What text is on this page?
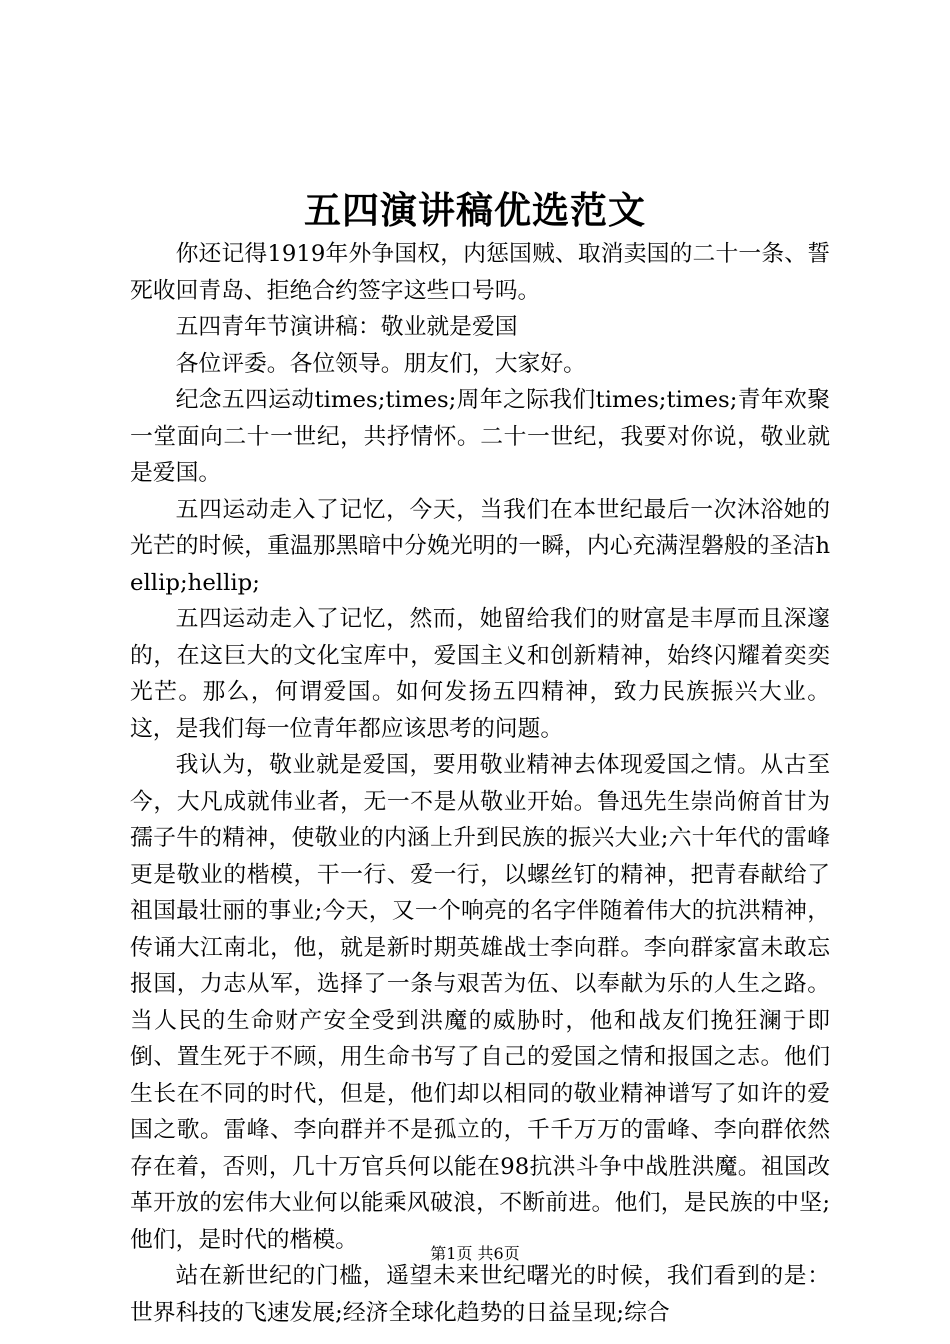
五四演讲稿优选范文

你还记得1919年外争国权，内惩国贼、取消卖国的二十一条、誓死收回青岛、拒绝合约签字这些口号吗。

五四青年节演讲稿：敬业就是爱国

各位评委。各位领导。朋友们，大家好。

纪念五四运动times;times;周年之际我们times;times;青年欢聚一堂面向二十一世纪，共抒情怀。二十一世纪，我要对你说，敬业就是爱国。

五四运动走入了记忆，今天，当我们在本世纪最后一次沐浴她的光芒的时候，重温那黑暗中分娩光明的一瞬，内心充满涅磐般的圣洁hellip;hellip;

五四运动走入了记忆，然而，她留给我们的财富是丰厚而且深邃的，在这巨大的文化宝库中，爱国主义和创新精神，始终闪耀着奕奕光芒。那么，何谓爱国。如何发扬五四精神，致力民族振兴大业。这，是我们每一位青年都应该思考的问题。

我认为，敬业就是爱国，要用敬业精神去体现爱国之情。从古至今，大凡成就伟业者，无一不是从敬业开始。鲁迅先生崇尚俯首甘为孺子牛的精神，使敬业的内涵上升到民族的振兴大业;六十年代的雷峰更是敬业的楷模，干一行、爱一行，以螺丝钉的精神，把青春献给了祖国最壮丽的事业;今天，又一个响亮的名字伴随着伟大的抗洪精神，传诵大江南北，他，就是新时期英雄战士李向群。李向群家富未敢忘报国，力志从军，选择了一条与艰苦为伍、以奉献为乐的人生之路。当人民的生命财产安全受到洪魔的威胁时，他和战友们挽狂澜于即倒、置生死于不顾，用生命书写了自己的爱国之情和报国之志。他们生长在不同的时代，但是，他们却以相同的敬业精神谱写了如许的爱国之歌。雷峰、李向群并不是孤立的，千千万万的雷峰、李向群依然存在着，否则，几十万官兵何以能在98抗洪斗争中战胜洪魔。祖国改革开放的宏伟大业何以能乘风破浪，不断前进。他们，是民族的中坚;他们，是时代的楷模。

站在新世纪的门槛，遥望未来世纪曙光的时候，我们看到的是：世界科技的飞速发展;经济全球化趋势的日益呈现;综合

第1页 共6页
